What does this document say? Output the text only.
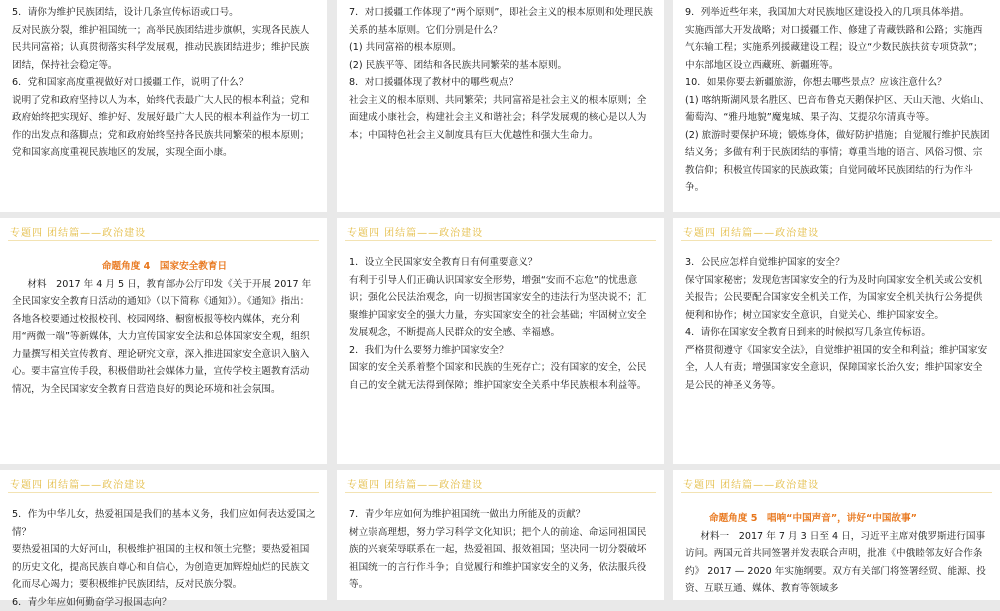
5．请你为维护民族团结，设计几条宣传标语或口号。

反对民族分裂，维护祖国统一；高举民族团结进步旗帜，实现各民族人民共同富裕；认真贯彻落实科学发展观，推动民族团结进步；维护民族团结，保持社会稳定等。

6．党和国家高度重视做好对口援疆工作，说明了什么？

说明了党和政府坚持以人为本，始终代表最广大人民的根本利益；党和政府始终把实现好、维护好、发展好最广大人民的根本利益作为一切工作的出发点和落脚点；党和政府始终坚持各民族共同繁荣的根本原则；党和国家高度重视民族地区的发展，实现全面小康。

7．对口援疆工作体现了“两个原则”，即社会主义的根本原则和处理民族关系的基本原则。它们分别是什么？

(1) 共同富裕的根本原则。

(2) 民族平等、团结和各民族共同繁荣的基本原则。

8．对口援疆体现了教材中的哪些观点？

社会主义的根本原则、共同繁荣；共同富裕是社会主义的根本原则；全面建成小康社会，构建社会主义和谐社会；科学发展观的核心是以人为本；中国特色社会主义制度具有巨大优越性和强大生命力。

9．列举近些年来，我国加大对民族地区建设投入的几项具体举措。

实施西部大开发战略；对口援疆工作、修建了青藏铁路和公路；实施西气东输工程；实施系列援藏建设工程；设立“少数民族扶贫专项贷款”；中东部地区设立西藏班、新疆班等。

10．如果你要去新疆旅游，你想去哪些景点？应该注意什么？

(1) 喀纳斯湖风景名胜区、巴音布鲁克天鹅保护区、天山天池、火焰山、葡萄沟、“雅丹地貌”魔鬼城、果子沟、艾提尕尔清真寺等。

(2) 旅游时要保护环境；锻炼身体，做好防护措施；自觉履行维护民族团结义务；多做有利于民族团结的事情；尊重当地的语言、风俗习惯、宗教信仰；积极宣传国家的民族政策；自觉同破坏民族团结的行为作斗争。

专题四 团结篇——政治建设

命题角度 4　国家安全教育日

材料　2017 年 4 月 5 日，教育部办公厅印发《关于开展 2017 年全民国家安全教育日活动的通知》（以下简称《通知》）。《通知》指出：各地各校要通过校报校刊、校园网络、橱窗板报等校内媒体，充分利用“两微一端”等新媒体，大力宣传国家安全法和总体国家安全观，组织力量撰写相关宣传教育、理论研究文章，深入推进国家安全意识入脑入心。要丰富宣传手段，积极借助社会媒体力量，宣传学校主题教育活动情况，为全民国家安全教育日营造良好的舆论环境和社会氛围。

专题四 团结篇——政治建设

1．设立全民国家安全教育日有何重要意义？

有利于引导人们正确认识国家安全形势，增强“安而不忘危”的忧患意识；强化公民法治观念，向一切损害国家安全的违法行为坚决说不；汇聚维护国家安全的强大力量，夯实国家安全的社会基础；牢固树立安全发展观念，不断提高人民群众的安全感、幸福感。

2．我们为什么要努力维护国家安全？

国家的安全关系着整个国家和民族的生死存亡；没有国家的安全，公民自己的安全就无法得到保障；维护国家安全关系中华民族根本利益等。

专题四 团结篇——政治建设

3．公民应怎样自觉维护国家的安全？

保守国家秘密；发现危害国家安全的行为及时向国家安全机关或公安机关报告；公民要配合国家安全机关工作，为国家安全机关执行公务提供便利和协作；树立国家安全意识，自觉关心、维护国家安全。

4．请你在国家安全教育日到来的时候拟写几条宣传标语。

严格贯彻遵守《国家安全法》，自觉维护祖国的安全和利益；维护国家安全，人人有责；增强国家安全意识，保障国家长治久安；维护国家安全是公民的神圣义务等。

专题四 团结篇——政治建设

5．作为中华儿女，热爱祖国是我们的基本义务，我们应如何表达爱国之情？

要热爱祖国的大好河山，积极维护祖国的主权和领土完整；要热爱祖国的历史文化，提高民族自尊心和自信心，为创造更加辉煌灿烂的民族文化而尽心竭力；要积极维护民族团结，反对民族分裂。

6．青少年应如何勤奋学习报国志向？

专题四 团结篇——政治建设

7．青少年应如何为维护祖国统一做出力所能及的贡献？

树立崇高理想，努力学习科学文化知识；把个人的前途、命运同祖国民族的兴衰荣辱联系在一起，热爱祖国、报效祖国；坚决同一切分裂破坏祖国统一的言行作斗争；自觉履行和维护国家安全的义务，依法服兵役等。

专题四 团结篇——政治建设

命题角度 5　唱响“中国声音”，讲好“中国故事”

材料一　2017 年 7 月 3 日至 4 日，习近平主席对俄罗斯进行国事访问。两国元首共同签署并发表联合声明，批准《中俄睦邻友好合作条约》 2017 — 2020 年实施纲要。双方有关部门将签署经贸、能源、投资、互联互通、媒体、教育等领域多
